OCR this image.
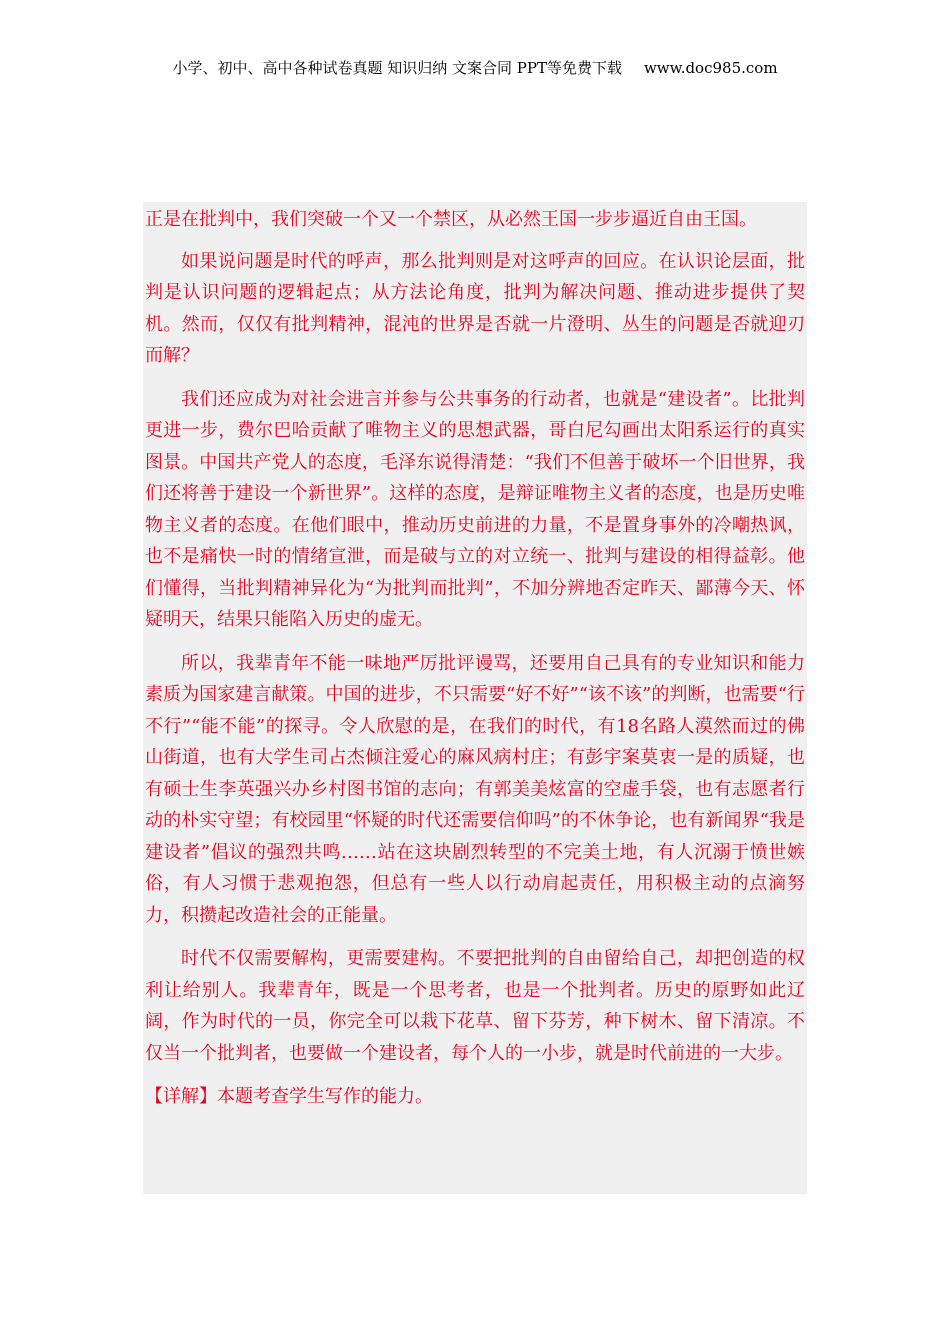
小学、初中、高中各种试卷真题 知识归纳 文案合同 PPT等免费下载 www.doc985.com

正是在批判中，我们突破一个又一个禁区，从必然王国一步步逼近自由王国。

如果说问题是时代的呼声，那么批判则是对这呼声的回应。在认识论层面，批判是认识问题的逻辑起点；从方法论角度，批判为解决问题、推动进步提供了契机。然而，仅仅有批判精神，混沌的世界是否就一片澄明、丛生的问题是否就迎刃而解？

我们还应成为对社会进言并参与公共事务的行动者，也就是“建设者”。比批判更进一步，费尔巴哈贡献了唯物主义的思想武器，哥白尼勾画出太阳系运行的真实图景。中国共产党人的态度，毛泽东说得清楚：“我们不但善于破坏一个旧世界，我们还将善于建设一个新世界”。这样的态度，是辩证唯物主义者的态度，也是历史唯物主义者的态度。在他们眼中，推动历史前进的力量，不是置身事外的冷嘲热讽，也不是痛快一时的情绪宣泄，而是破与立的对立统一、批判与建设的相得益彰。他们懂得，当批判精神异化为“为批判而批判”，不加分辨地否定昨天、鄙薄今天、怀疑明天，结果只能陷入历史的虚无。

所以，我辈青年不能一味地严厉批评谩骂，还要用自己具有的专业知识和能力素质为国家建言献策。中国的进步，不只需要“好不好”“该不该”的判断，也需要“行不行”“能不能”的探寻。令人欣慰的是，在我们的时代，有18名路人漠然而过的佛山街道，也有大学生司占杰倾注爱心的麻风病村庄；有彭宇案莫衷一是的质疑，也有硕士生李英强兴办乡村图书馆的志向；有郭美美炫富的空虚手袋，也有志愿者行动的朴实守望；有校园里“怀疑的时代还需要信仰吗”的不休争论，也有新闻界“我是建设者”倡议的强烈共鸣……站在这块剧烈转型的不完美土地，有人沉溺于愤世嫉俗，有人习惯于悲观抱怨，但总有一些人以行动肩起责任，用积极主动的点滴努力，积攒起改造社会的正能量。

时代不仅需要解构，更需要建构。不要把批判的自由留给自己，却把创造的权利让给别人。我辈青年，既是一个思考者，也是一个批判者。历史的原野如此辽阔，作为时代的一员，你完全可以栽下花草、留下芬芳，种下树木、留下清凉。不仅当一个批判者，也要做一个建设者，每个人的一小步，就是时代前进的一大步。

【详解】本题考查学生写作的能力。
